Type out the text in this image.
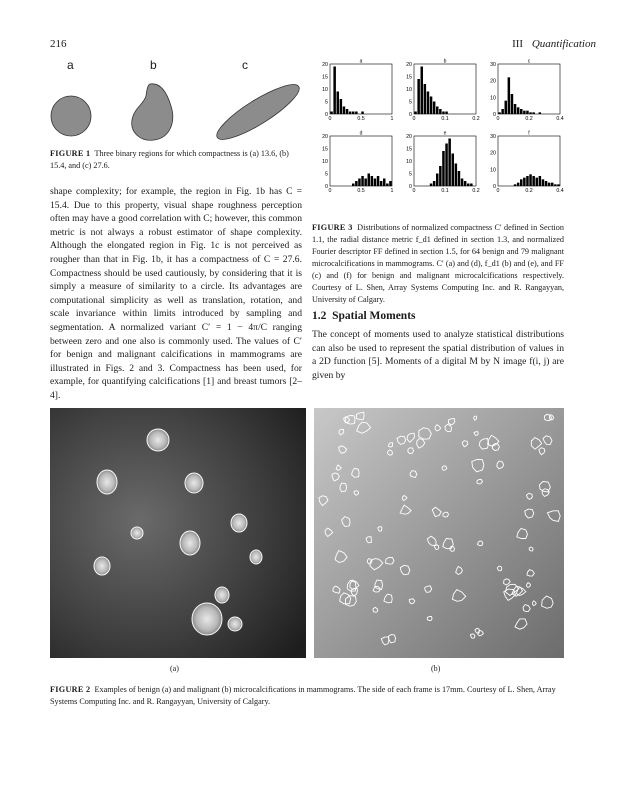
216	III Quantification
a	b	c
FIGURE 1 Three binary regions for which compactness is (a) 13.6, (b) 15.4, and (c) 27.6.

shape complexity; for example, the region in Fig. 1b has C = 15.4. Due to this property, visual shape roughness perception often may have a good correlation with C; however, this common metric is not always a robust estimator of shape complexity. Although the elongated region in Fig. 1c is not perceived as rougher than that in Fig. 1b, it has a compactness of C = 27.6. Compactness should be used cautiously, by considering that it is simply a measure of similarity to a circle. Its advantages are computational simplicity as well as translation, rotation, and scale invariance within limits introduced by sampling and segmentation. A normalized variant C′ = 1 − 4π/C ranging between zero and one also is commonly used. The values of C′ for benign and malignant calcifications in mammograms are illustrated in Figs. 2 and 3. Compactness has been used, for example, for quantifying calcifications [1] and breast tumors [2–4].

a
20
15
10
5
0
0	0.5	1
b
20
15
10
5
0
0	0.1	0.2
c
30
20
10
0
0	0.2	0.4
d
20
15
10
5
0
0	0.5	1
e
20
15
10
5
0
0	0.1	0.2
f
30
20
10
0
0	0.2	0.4
FIGURE 3 Distributions of normalized compactness C′ defined in Section 1.1, the radial distance metric f_d1 defined in section 1.3, and normalized Fourier descriptor FF defined in section 1.5, for 64 benign and 79 malignant microcalcifications in mammograms. C′ (a) and (d), f_d1 (b) and (e), and FF (c) and (f) for benign and malignant microcalcifications respectively. Courtesy of L. Shen, Array Systems Computing Inc. and R. Rangayyan, University of Calgary.
1.2 Spatial Moments

The concept of moments used to analyze statistical distributions can also be used to represent the spatial distribution of values in a 2D function [5]. Moments of a digital M by N image f(i, j) are given by

(a)	(b)
FIGURE 2 Examples of benign (a) and malignant (b) microcalcifications in mammograms. The side of each frame is 17mm. Courtesy of L. Shen, Array Systems Computing Inc. and R. Rangayyan, University of Calgary.
